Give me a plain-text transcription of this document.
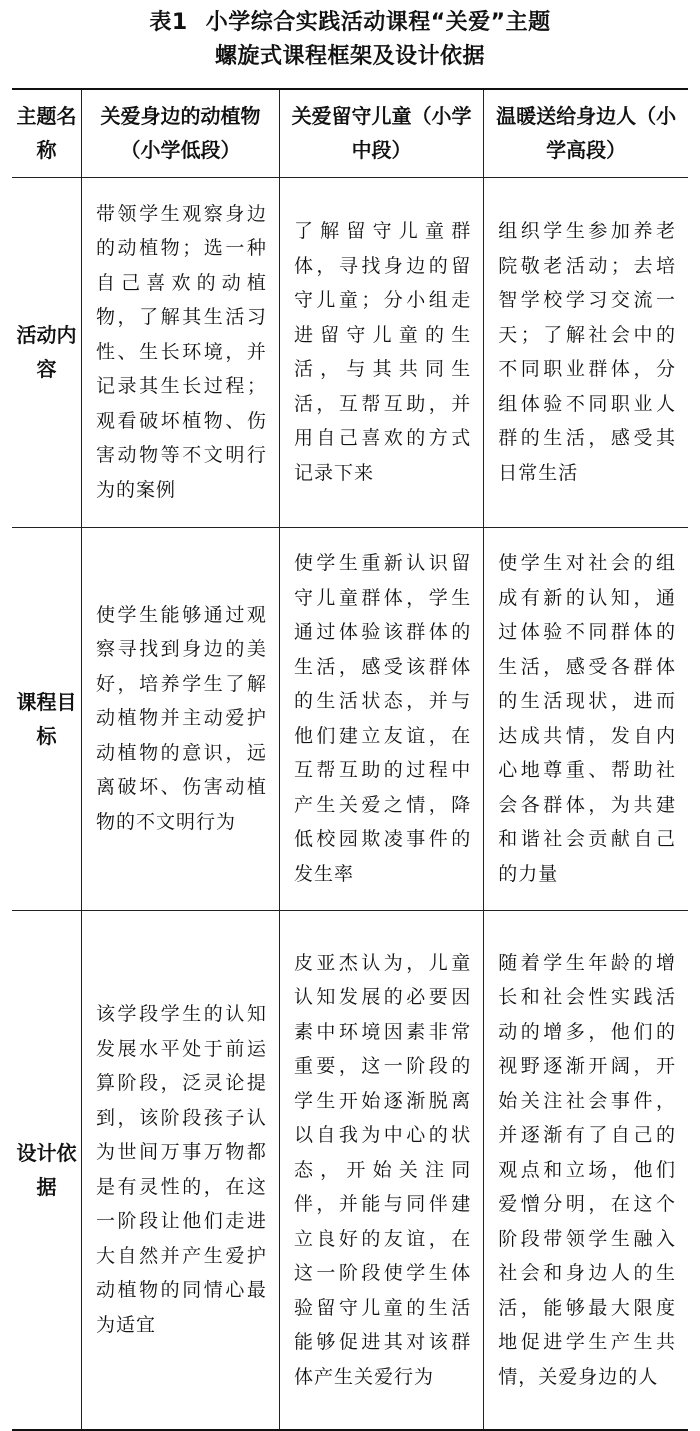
表1 小学综合实践活动课程“关爱”主题
螺旋式课程框架及设计依据
主题名称	关爱身边的动植物（小学低段）	关爱留守儿童（小学中段）	温暖送给身边人（小学高段）
活动内容	带领学生观察身边的动植物；选一种自己喜欢的动植物，了解其生活习性、生长环境，并记录其生长过程；观看破坏植物、伤害动物等不文明行为的案例	了解留守儿童群体，寻找身边的留守儿童；分小组走进留守儿童的生活，与其共同生活，互帮互助，并用自己喜欢的方式记录下来	组织学生参加养老院敬老活动；去培智学校学习交流一天；了解社会中的不同职业群体，分组体验不同职业人群的生活，感受其日常生活

课程目标	使学生能够通过观察寻找到身边的美好，培养学生了解动植物并主动爱护动植物的意识，远离破坏、伤害动植物的不文明行为	使学生重新认识留守儿童群体，学生通过体验该群体的生活，感受该群体的生活状态，并与他们建立友谊，在互帮互助的过程中产生关爱之情，降低校园欺凌事件的发生率	使学生对社会的组成有新的认知，通过体验不同群体的生活，感受各群体的生活现状，进而达成共情，发自内心地尊重、帮助社会各群体，为共建和谐社会贡献自己的力量

设计依据	该学段学生的认知发展水平处于前运算阶段，泛灵论提到，该阶段孩子认为世间万事万物都是有灵性的，在这一阶段让他们走进大自然并产生爱护动植物的同情心最为适宜	皮亚杰认为，儿童认知发展的必要因素中环境因素非常重要，这一阶段的学生开始逐渐脱离以自我为中心的状态，开始关注同伴，并能与同伴建立良好的友谊，在这一阶段使学生体验留守儿童的生活能够促进其对该群体产生关爱行为	随着学生年龄的增长和社会性实践活动的增多，他们的视野逐渐开阔，开始关注社会事件，并逐渐有了自己的观点和立场，他们爱憎分明，在这个阶段带领学生融入社会和身边人的生活，能够最大限度地促进学生产生共情，关爱身边的人
